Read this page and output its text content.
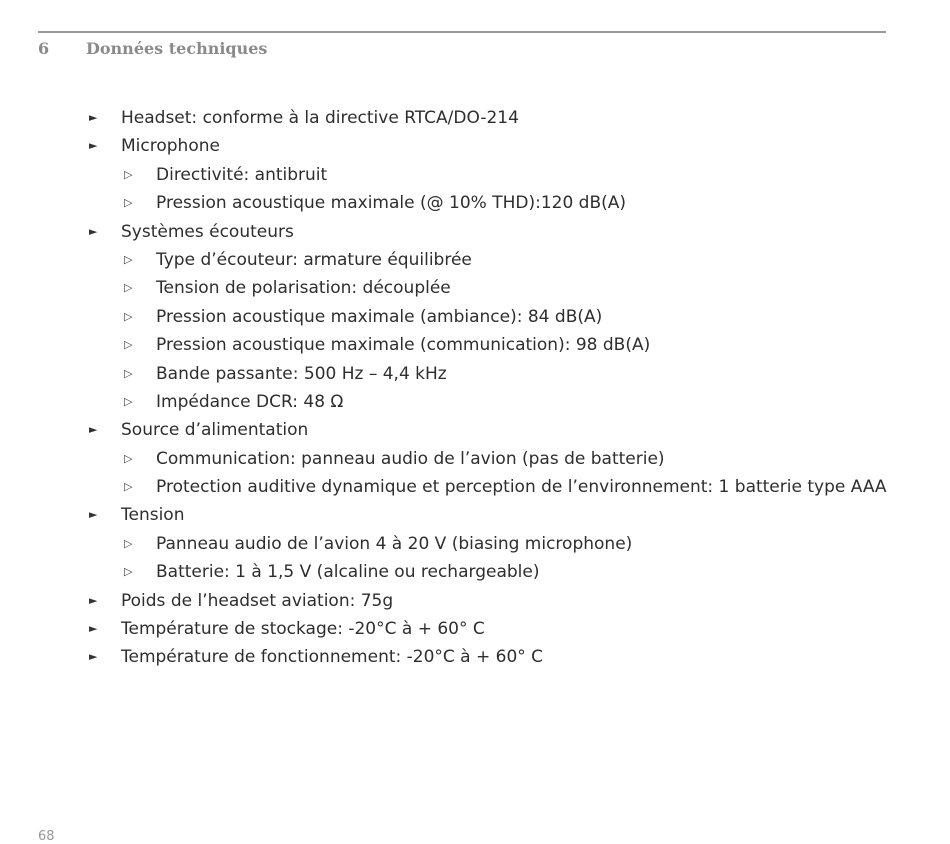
6 Données techniques
► Headset: conforme à la directive RTCA/DO-214
► Microphone
▷ Directivité: antibruit
▷ Pression acoustique maximale (@ 10% THD):120 dB(A)
► Systèmes écouteurs
▷ Type d’écouteur: armature équilibrée
▷ Tension de polarisation: découplée
▷ Pression acoustique maximale (ambiance): 84 dB(A)
▷ Pression acoustique maximale (communication): 98 dB(A)
▷ Bande passante: 500 Hz – 4,4 kHz
▷ Impédance DCR: 48 Ω
► Source d’alimentation
▷ Communication: panneau audio de l’avion (pas de batterie)
▷ Protection auditive dynamique et perception de l’environnement: 1 batterie type AAA
► Tension
▷ Panneau audio de l’avion 4 à 20 V (biasing microphone)
▷ Batterie: 1 à 1,5 V (alcaline ou rechargeable)
► Poids de l’headset aviation: 75g
► Température de stockage: -20°C à + 60° C
► Température de fonctionnement: -20°C à + 60° C
68
